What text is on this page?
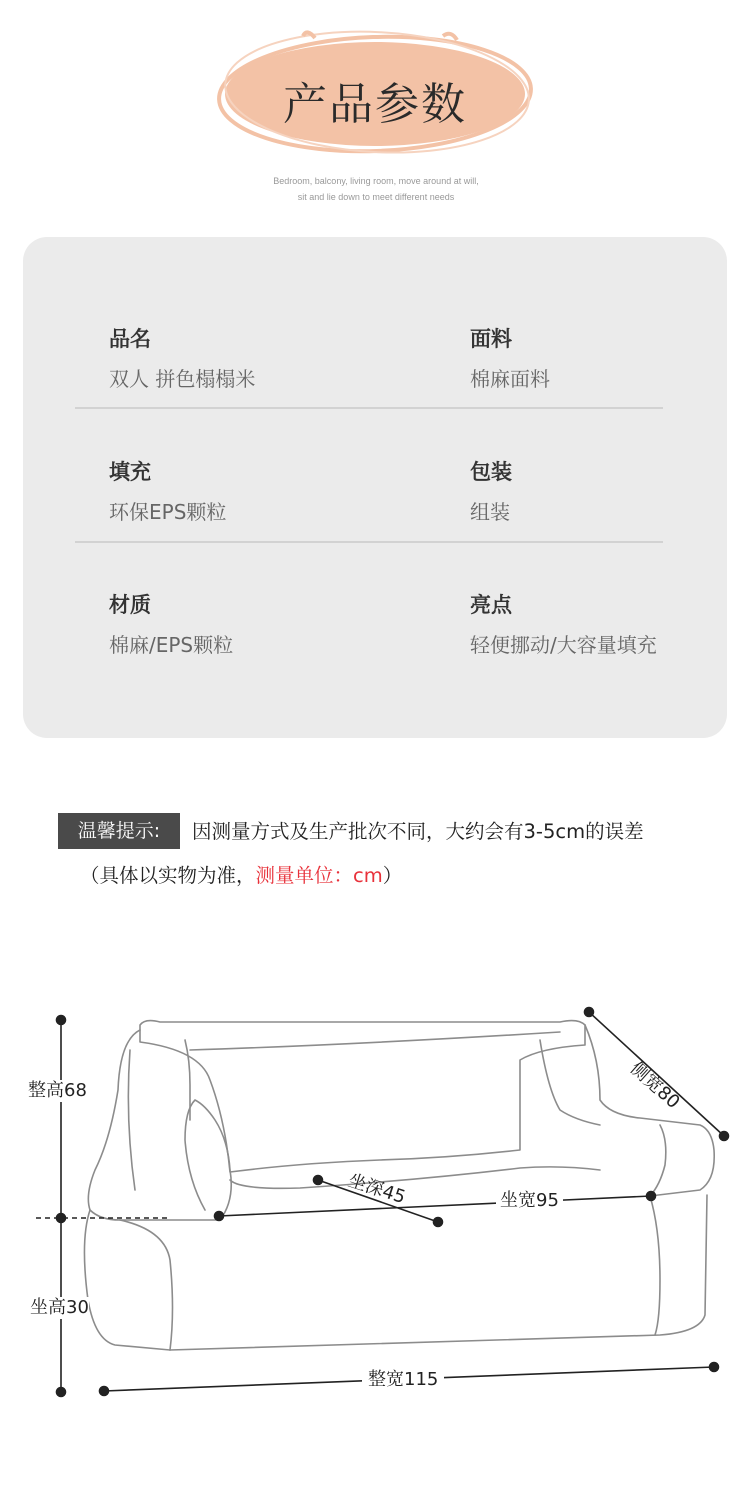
产品参数
Bedroom, balcony, living room, move around at will,
sit and lie down to meet different needs
品名
双人 拼色榻榻米
面料
棉麻面料
填充
环保EPS颗粒
包装
组装
材质
棉麻/EPS颗粒
亮点
轻便挪动/大容量填充
温馨提示:	因测量方式及生产批次不同，大约会有3-5cm的误差
（具体以实物为准，测量单位：cm）
整高68
坐高30
侧宽80
坐深45	坐宽95
整宽115
